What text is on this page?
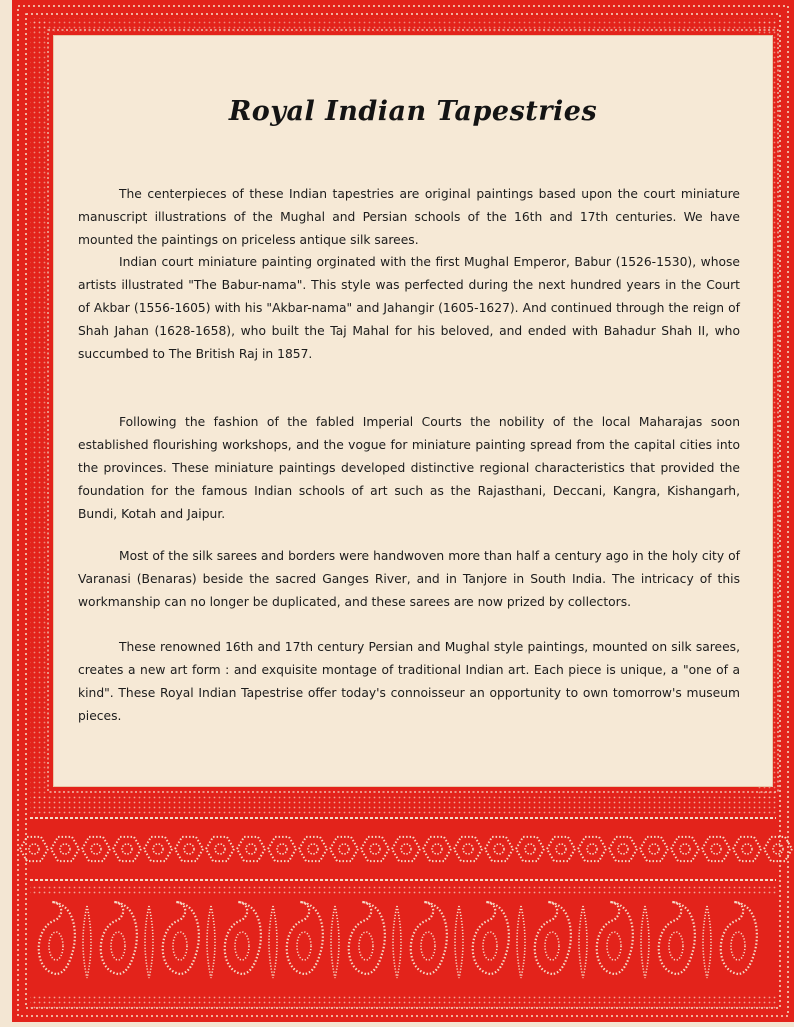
Royal Indian Tapestries

The centerpieces of these Indian tapestries are original paintings based upon the court miniature manuscript illustrations of the Mughal and Persian schools of the 16th and 17th centuries. We have mounted the paintings on priceless antique silk sarees.

Indian court miniature painting orginated with the first Mughal Emperor, Babur (1526-1530), whose artists illustrated "The Babur-nama". This style was perfected during the next hundred years in the Court of Akbar (1556-1605) with his "Akbar-nama" and Jahangir (1605-1627). And continued through the reign of Shah Jahan (1628-1658), who built the Taj Mahal for his beloved, and ended with Bahadur Shah II, who succumbed to The British Raj in 1857.

Following the fashion of the fabled Imperial Courts the nobility of the local Maharajas soon established flourishing workshops, and the vogue for miniature painting spread from the capital cities into the provinces. These miniature paintings developed distinctive regional characteristics that provided the foundation for the famous Indian schools of art such as the Rajasthani, Deccani, Kangra, Kishangarh, Bundi, Kotah and Jaipur.

Most of the silk sarees and borders were handwoven more than half a century ago in the holy city of Varanasi (Benaras) beside the sacred Ganges River, and in Tanjore in South India. The intricacy of this workmanship can no longer be duplicated, and these sarees are now prized by collectors.

These renowned 16th and 17th century Persian and Mughal style paintings, mounted on silk sarees, creates a new art form : and exquisite montage of traditional Indian art. Each piece is unique, a "one of a kind". These Royal Indian Tapestrise offer today's connoisseur an opportunity to own tomorrow's museum pieces.
